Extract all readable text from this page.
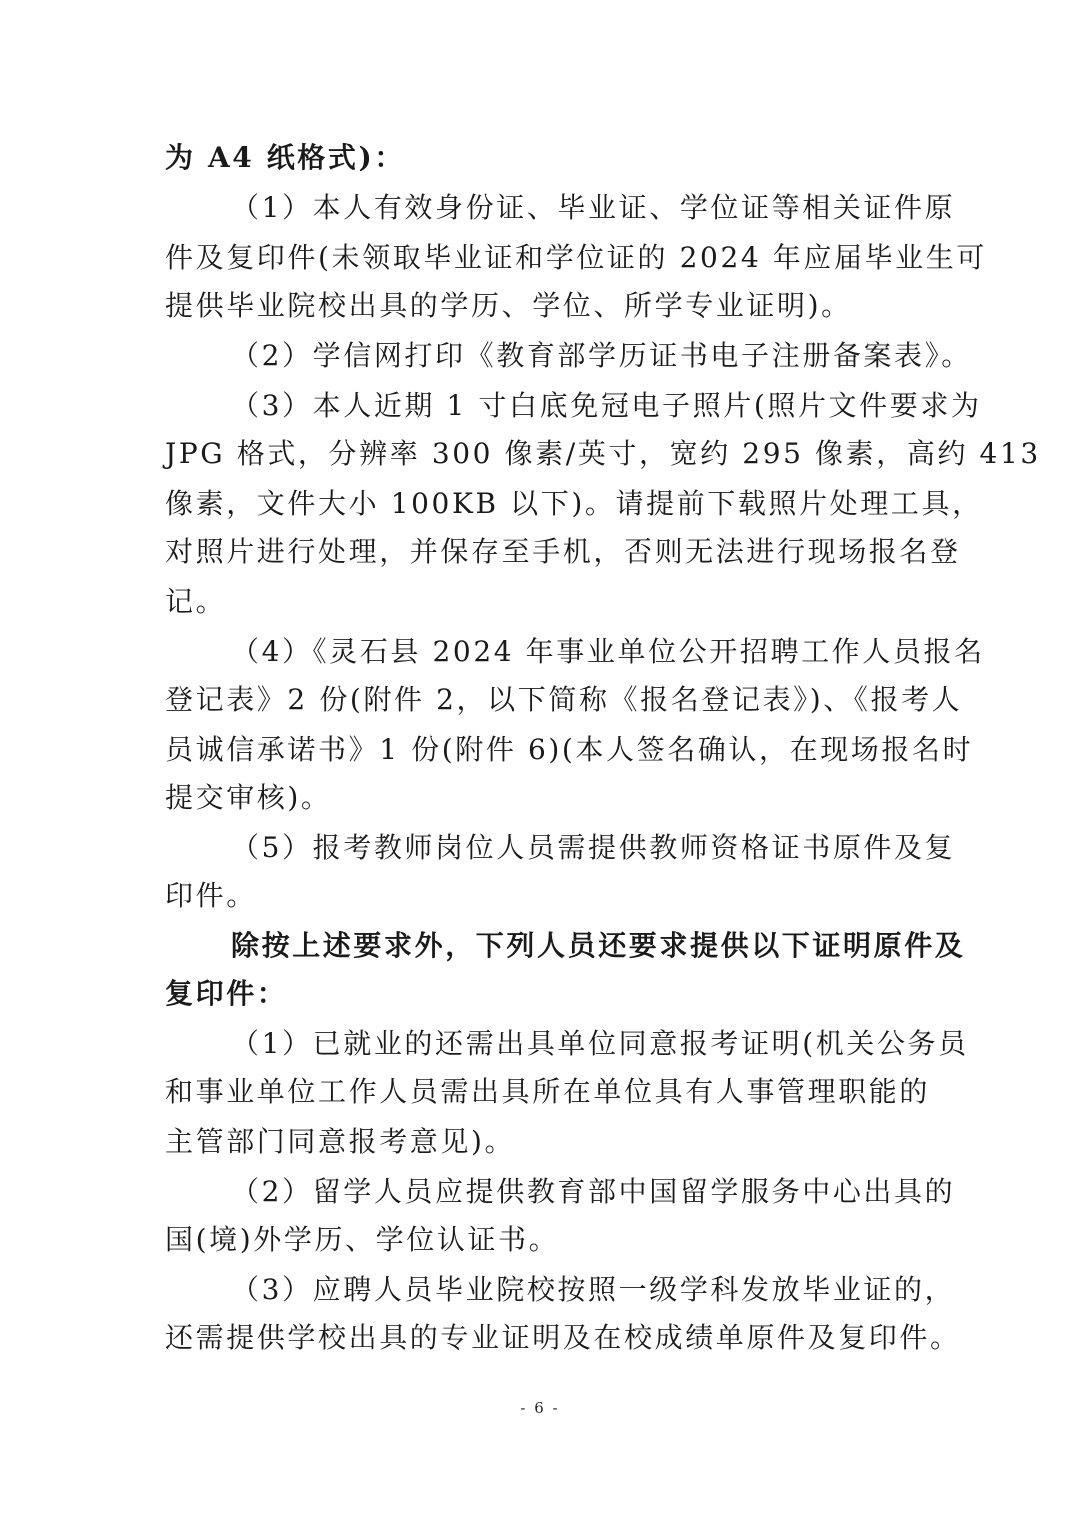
为 A4 纸格式)：
（1）本人有效身份证、毕业证、学位证等相关证件原
件及复印件(未领取毕业证和学位证的 2024 年应届毕业生可
提供毕业院校出具的学历、学位、所学专业证明)。
（2）学信网打印《教育部学历证书电子注册备案表》。
（3）本人近期 1 寸白底免冠电子照片(照片文件要求为
JPG 格式，分辨率 300 像素/英寸，宽约 295 像素，高约 413
像素，文件大小 100KB 以下)。请提前下载照片处理工具，
对照片进行处理，并保存至手机，否则无法进行现场报名登
记。
（4）《灵石县 2024 年事业单位公开招聘工作人员报名
登记表》2 份(附件 2，以下简称《报名登记表》)、《报考人
员诚信承诺书》1 份(附件 6)(本人签名确认，在现场报名时
提交审核)。
（5）报考教师岗位人员需提供教师资格证书原件及复
印件。
除按上述要求外，下列人员还要求提供以下证明原件及
复印件：
（1）已就业的还需出具单位同意报考证明(机关公务员
和事业单位工作人员需出具所在单位具有人事管理职能的
主管部门同意报考意见)。
（2）留学人员应提供教育部中国留学服务中心出具的
国(境)外学历、学位认证书。
（3）应聘人员毕业院校按照一级学科发放毕业证的，
还需提供学校出具的专业证明及在校成绩单原件及复印件。
- 6 -
